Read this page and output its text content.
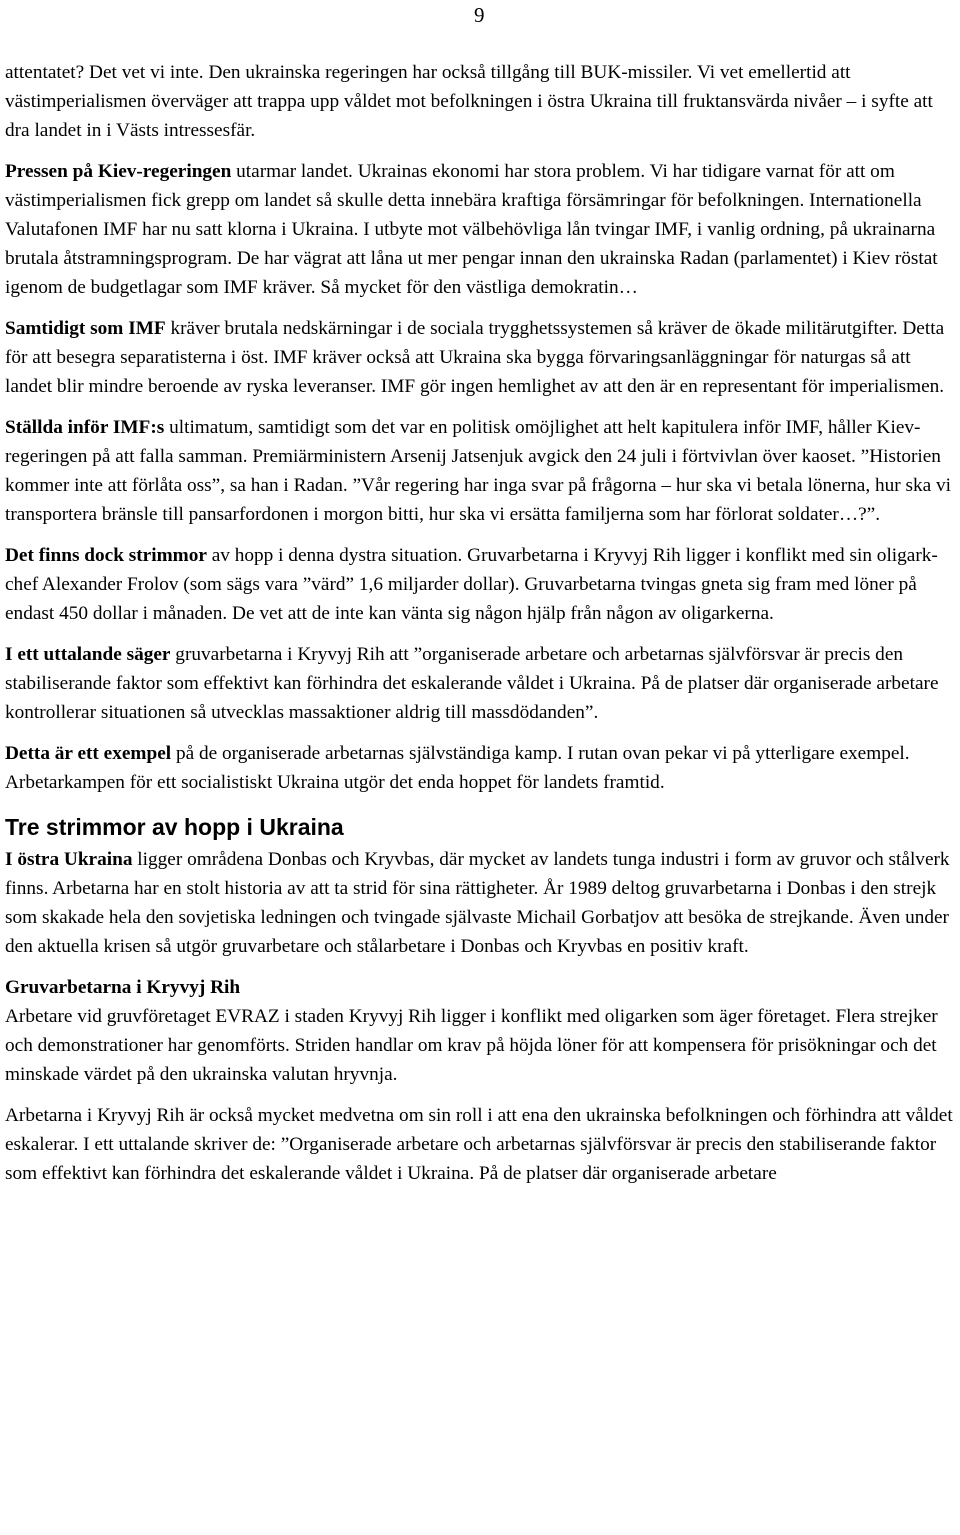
9

attentatet? Det vet vi inte. Den ukrainska regeringen har också tillgång till BUK-missiler. Vi vet emellertid att västimperialismen överväger att trappa upp våldet mot befolkningen i östra Ukraina till fruktansvärda nivåer – i syfte att dra landet in i Västs intressesfär.

Pressen på Kiev-regeringen utarmar landet. Ukrainas ekonomi har stora problem. Vi har tidigare varnat för att om västimperialismen fick grepp om landet så skulle detta innebära kraftiga försämringar för befolkningen. Internationella Valutafonen IMF har nu satt klorna i Ukraina. I utbyte mot välbehövliga lån tvingar IMF, i vanlig ordning, på ukrainarna brutala åtstramningsprogram. De har vägrat att låna ut mer pengar innan den ukrainska Radan (parlamentet) i Kiev röstat igenom de budgetlagar som IMF kräver. Så mycket för den västliga demokratin…

Samtidigt som IMF kräver brutala nedskärningar i de sociala trygghetssystemen så kräver de ökade militärutgifter. Detta för att besegra separatisterna i öst. IMF kräver också att Ukraina ska bygga förvaringsanläggningar för naturgas så att landet blir mindre beroende av ryska leveranser. IMF gör ingen hemlighet av att den är en representant för imperialismen.

Ställda inför IMF:s ultimatum, samtidigt som det var en politisk omöjlighet att helt kapitulera inför IMF, håller Kiev-regeringen på att falla samman. Premiärministern Arsenij Jatsenjuk avgick den 24 juli i förtvivlan över kaoset. ”Historien kommer inte att förlåta oss”, sa han i Radan. ”Vår regering har inga svar på frågorna – hur ska vi betala lönerna, hur ska vi transportera bränsle till pansarfordonen i morgon bitti, hur ska vi ersätta familjerna som har förlorat soldater…?”.

Det finns dock strimmor av hopp i denna dystra situation. Gruvarbetarna i Kryvyj Rih ligger i konflikt med sin oligark-chef Alexander Frolov (som sägs vara ”värd” 1,6 miljarder dollar). Gruvarbetarna tvingas gneta sig fram med löner på endast 450 dollar i månaden. De vet att de inte kan vänta sig någon hjälp från någon av oligarkerna.

I ett uttalande säger gruvarbetarna i Kryvyj Rih att ”organiserade arbetare och arbetarnas självförsvar är precis den stabiliserande faktor som effektivt kan förhindra det eskalerande våldet i Ukraina. På de platser där organiserade arbetare kontrollerar situationen så utvecklas massaktioner aldrig till massdödanden”.

Detta är ett exempel på de organiserade arbetarnas självständiga kamp. I rutan ovan pekar vi på ytterligare exempel. Arbetarkampen för ett socialistiskt Ukraina utgör det enda hoppet för landets framtid.

Tre strimmor av hopp i Ukraina

I östra Ukraina ligger områdena Donbas och Kryvbas, där mycket av landets tunga industri i form av gruvor och stålverk finns. Arbetarna har en stolt historia av att ta strid för sina rättigheter. År 1989 deltog gruvarbetarna i Donbas i den strejk som skakade hela den sovjetiska ledningen och tvingade självaste Michail Gorbatjov att besöka de strejkande. Även under den aktuella krisen så utgör gruvarbetare och stålarbetare i Donbas och Kryvbas en positiv kraft.

Gruvarbetarna i Kryvyj Rih

Arbetare vid gruvföretaget EVRAZ i staden Kryvyj Rih ligger i konflikt med oligarken som äger företaget. Flera strejker och demonstrationer har genomförts. Striden handlar om krav på höjda löner för att kompensera för prisökningar och det minskade värdet på den ukrainska valutan hryvnja.

Arbetarna i Kryvyj Rih är också mycket medvetna om sin roll i att ena den ukrainska befolkningen och förhindra att våldet eskalerar. I ett uttalande skriver de: ”Organiserade arbetare och arbetarnas självförsvar är precis den stabiliserande faktor som effektivt kan förhindra det eskalerande våldet i Ukraina. På de platser där organiserade arbetare
